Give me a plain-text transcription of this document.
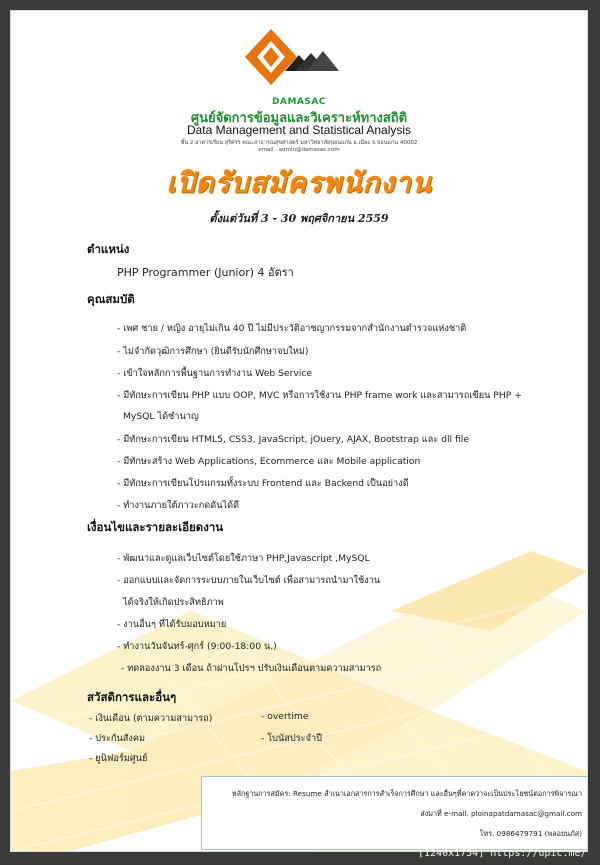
DAMASAC
ศูนย์จัดการข้อมูลและวิเคราะห์ทางสถิติ
Data Management and Statistical Analysis
ชั้น 2 อาคารเรียน สุริศรร คณะสาธารณสุขศาสตร์ มหาวิทยาลัยขอนแก่น อ.เมือง จ.ขอนแก่น 40002
email : admin@damasac.com
เปิดรับสมัครพนักงาน
ตั้งแต่วันที่ 3 - 30 พฤศจิกายน 2559
ตำแหน่ง
PHP Programmer (Junior) 4 อัตรา
คุณสมบัติ
- เพศ ชาย / หญิง อายุไม่เกิน 40 ปี ไม่มีประวัติอาชญากรรมจากสำนักงานตำรวจแห่งชาติ
- ไม่จำกัดวุฒิการศึกษา (ยินดีรับนักศึกษาจบใหม่)
- เข้าใจหลักการพื้นฐานการทำงาน Web Service
- มีทักษะการเขียน PHP แบบ OOP, MVC หรือการใช้งาน PHP frame work และสามารถเขียน PHP +
MySQL ได้ชำนาญ
- มีทักษะการเขียน HTML5, CSS3, JavaScript, jOuery, AJAX, Bootstrap และ dll file
- มีทักษะสร้าง Web Applications, Ecommerce และ Mobile application
- มีทักษะการเขียนโปรแกรมทั้งระบบ Frontend และ Backend เป็นอย่างดี
- ทำงานภายใต้ภาวะกดดันได้ดี
เงื่อนไขและรายละเอียดงาน
- พัฒนาและดูแลเว็บไซต์โดยใช้ภาษา PHP,Javascript ,MySQL
- ออกแบบและจัดการระบบภายในเว็บไซต์ เพื่อสามารถนำมาใช้งาน
ได้จริงให้เกิดประสิทธิภาพ
- งานอื่นๆ ที่ได้รับมอบหมาย
- ทำงานวันจันทร์-ศุกร์ (9:00-18:00 น.)
- ทดลองงาน 3 เดือน ถ้าผ่านโปรฯ ปรับเงินเดือนตามความสามารถ
สวัสดิการและอื่นๆ
- เงินเดือน (ตามความสามารถ)
- ประกันสังคม
- ยูนิฟอร์มศูนย์
- overtime
- โบนัสประจำปี
หลักฐานการสมัคร: Resume สำเนาเอกสารการสำเร็จการศึกษา และอื่นๆที่คาดว่าจะเป็นประโยชน์ต่อการพิจารณา
ส่งมาที่ e-mail. ploinapatdamasac@gmail.com
โทร. 0986479791 (พลอยนภัส)
[1240x1754] https://upic.me/
